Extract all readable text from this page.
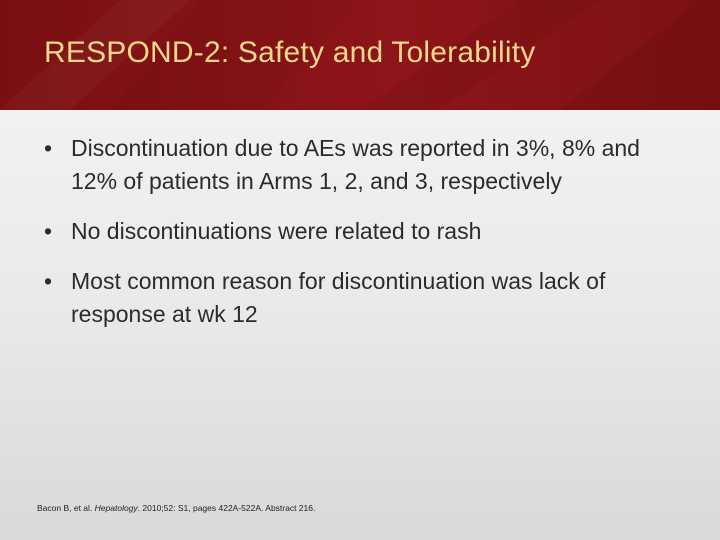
RESPOND-2: Safety and Tolerability
• Discontinuation due to AEs was reported in 3%, 8% and 12% of patients in Arms 1, 2, and 3, respectively
• No discontinuations were related to rash
• Most common reason for discontinuation was lack of response at wk 12
Bacon B, et al. Hepatology. 2010;52: S1, pages 422A-522A. Abstract 216.
